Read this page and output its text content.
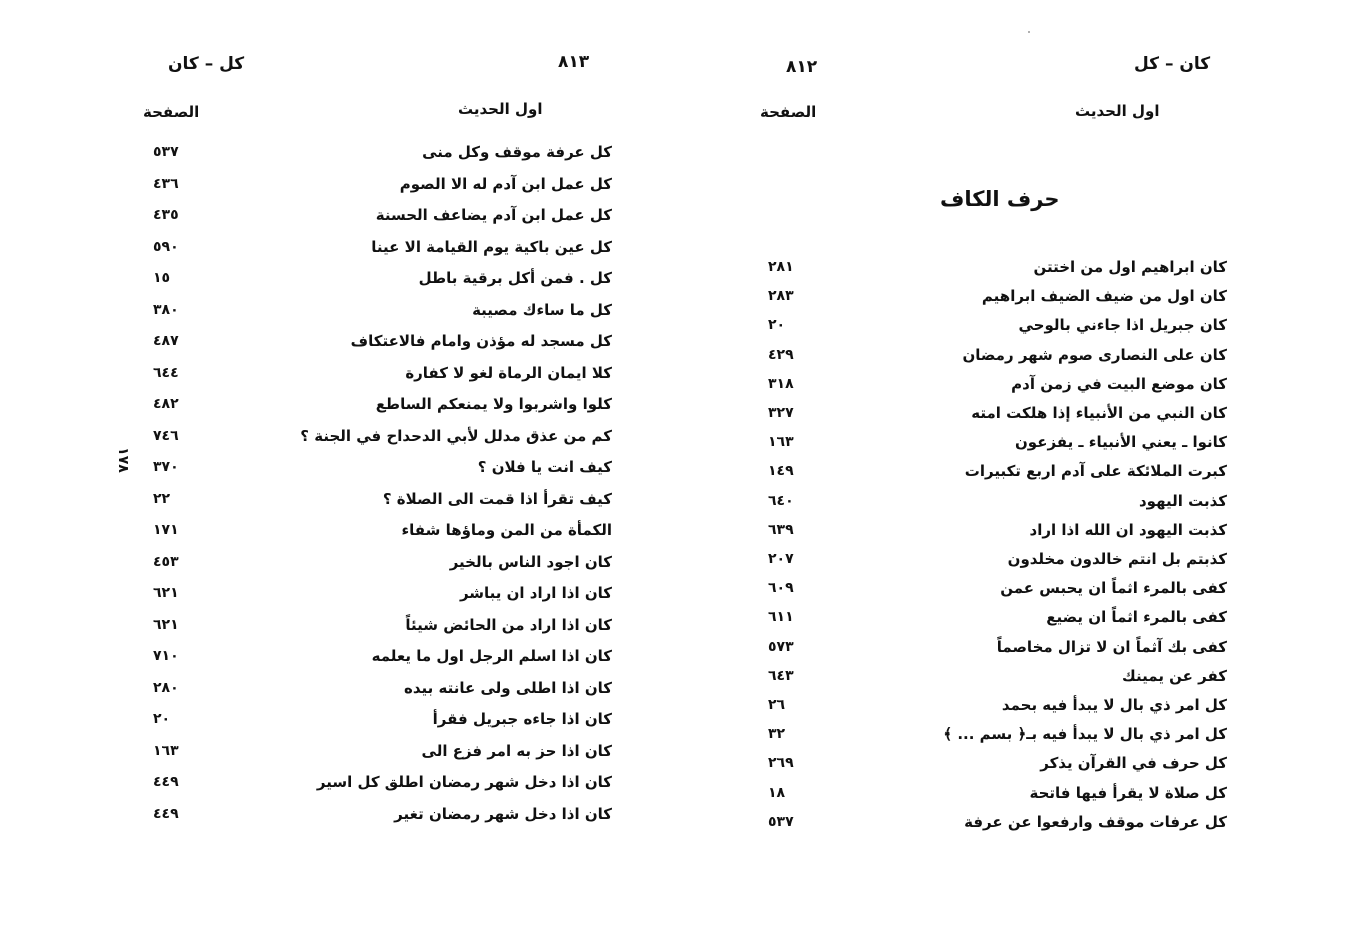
كل – كان	٨١٣
اول الحديث
الصفحة
١٧٨
كل عرفة موقف وكل منى
٥٣٧
كل عمل ابن آدم له الا الصوم
٤٣٦
كل عمل ابن آدم يضاعف الحسنة
٤٣٥
كل عين باكية يوم القيامة الا عينا
٥٩٠
كل . فمن أكل برقية باطل
١٥
كل ما ساءك مصيبة
٣٨٠
كل مسجد له مؤذن وامام فالاعتكاف
٤٨٧
كلا ايمان الرماة لغو لا كفارة
٦٤٤
كلوا واشربوا ولا يمنعكم الساطع
٤٨٢
كم من عذق مدلل لأبي الدحداح في الجنة ؟
٧٤٦
كيف انت يا فلان ؟
٣٧٠
كيف تقرأ اذا قمت الى الصلاة ؟
٢٢
الكمأة من المن وماؤها شفاء
١٧١
كان اجود الناس بالخير
٤٥٣
كان اذا اراد ان يباشر
٦٢١
كان اذا اراد من الحائض شيئاً
٦٢١
كان اذا اسلم الرجل اول ما يعلمه
٧١٠
كان اذا اطلى ولى عانته بيده
٢٨٠
كان اذا جاءه جبريل فقرأ
٢٠
كان اذا حز به امر فزع الى
١٦٣
كان اذا دخل شهر رمضان اطلق كل اسير
٤٤٩
كان اذا دخل شهر رمضان تغير
٤٤٩
كان – كل
٨١٢
اول الحديث
الصفحة
حرف الكاف
كان ابراهيم اول من اختتن
٢٨١
كان اول من ضيف الضيف ابراهيم
٢٨٣
كان جبريل اذا جاءني بالوحي
٢٠
كان على النصارى صوم شهر رمضان
٤٢٩
كان موضع البيت في زمن آدم
٣١٨
كان النبي من الأنبياء إذا هلكت امته
٣٢٧
كانوا ـ يعني الأنبياء ـ يفزعون
١٦٣
كبرت الملائكة على آدم اربع تكبيرات
١٤٩
كذبت اليهود
٦٤٠
كذبت اليهود ان الله اذا اراد
٦٣٩
كذبتم بل انتم خالدون مخلدون
٢٠٧
كفى بالمرء اثماً ان يحبس عمن
٦٠٩
كفى بالمرء اثماً ان يضيع
٦١١
كفى بك آثماً ان لا تزال مخاصماً
٥٧٣
كفر عن يمينك
٦٤٣
كل امر ذي بال لا يبدأ فيه بحمد
٢٦
كل امر ذي بال لا يبدأ فيه بـ﴿ بسم ... ﴾
٣٢
كل حرف في القرآن يذكر
٢٦٩
كل صلاة لا يقرأ فيها فاتحة
١٨
كل عرفات موقف وارفعوا عن عرفة
٥٣٧
